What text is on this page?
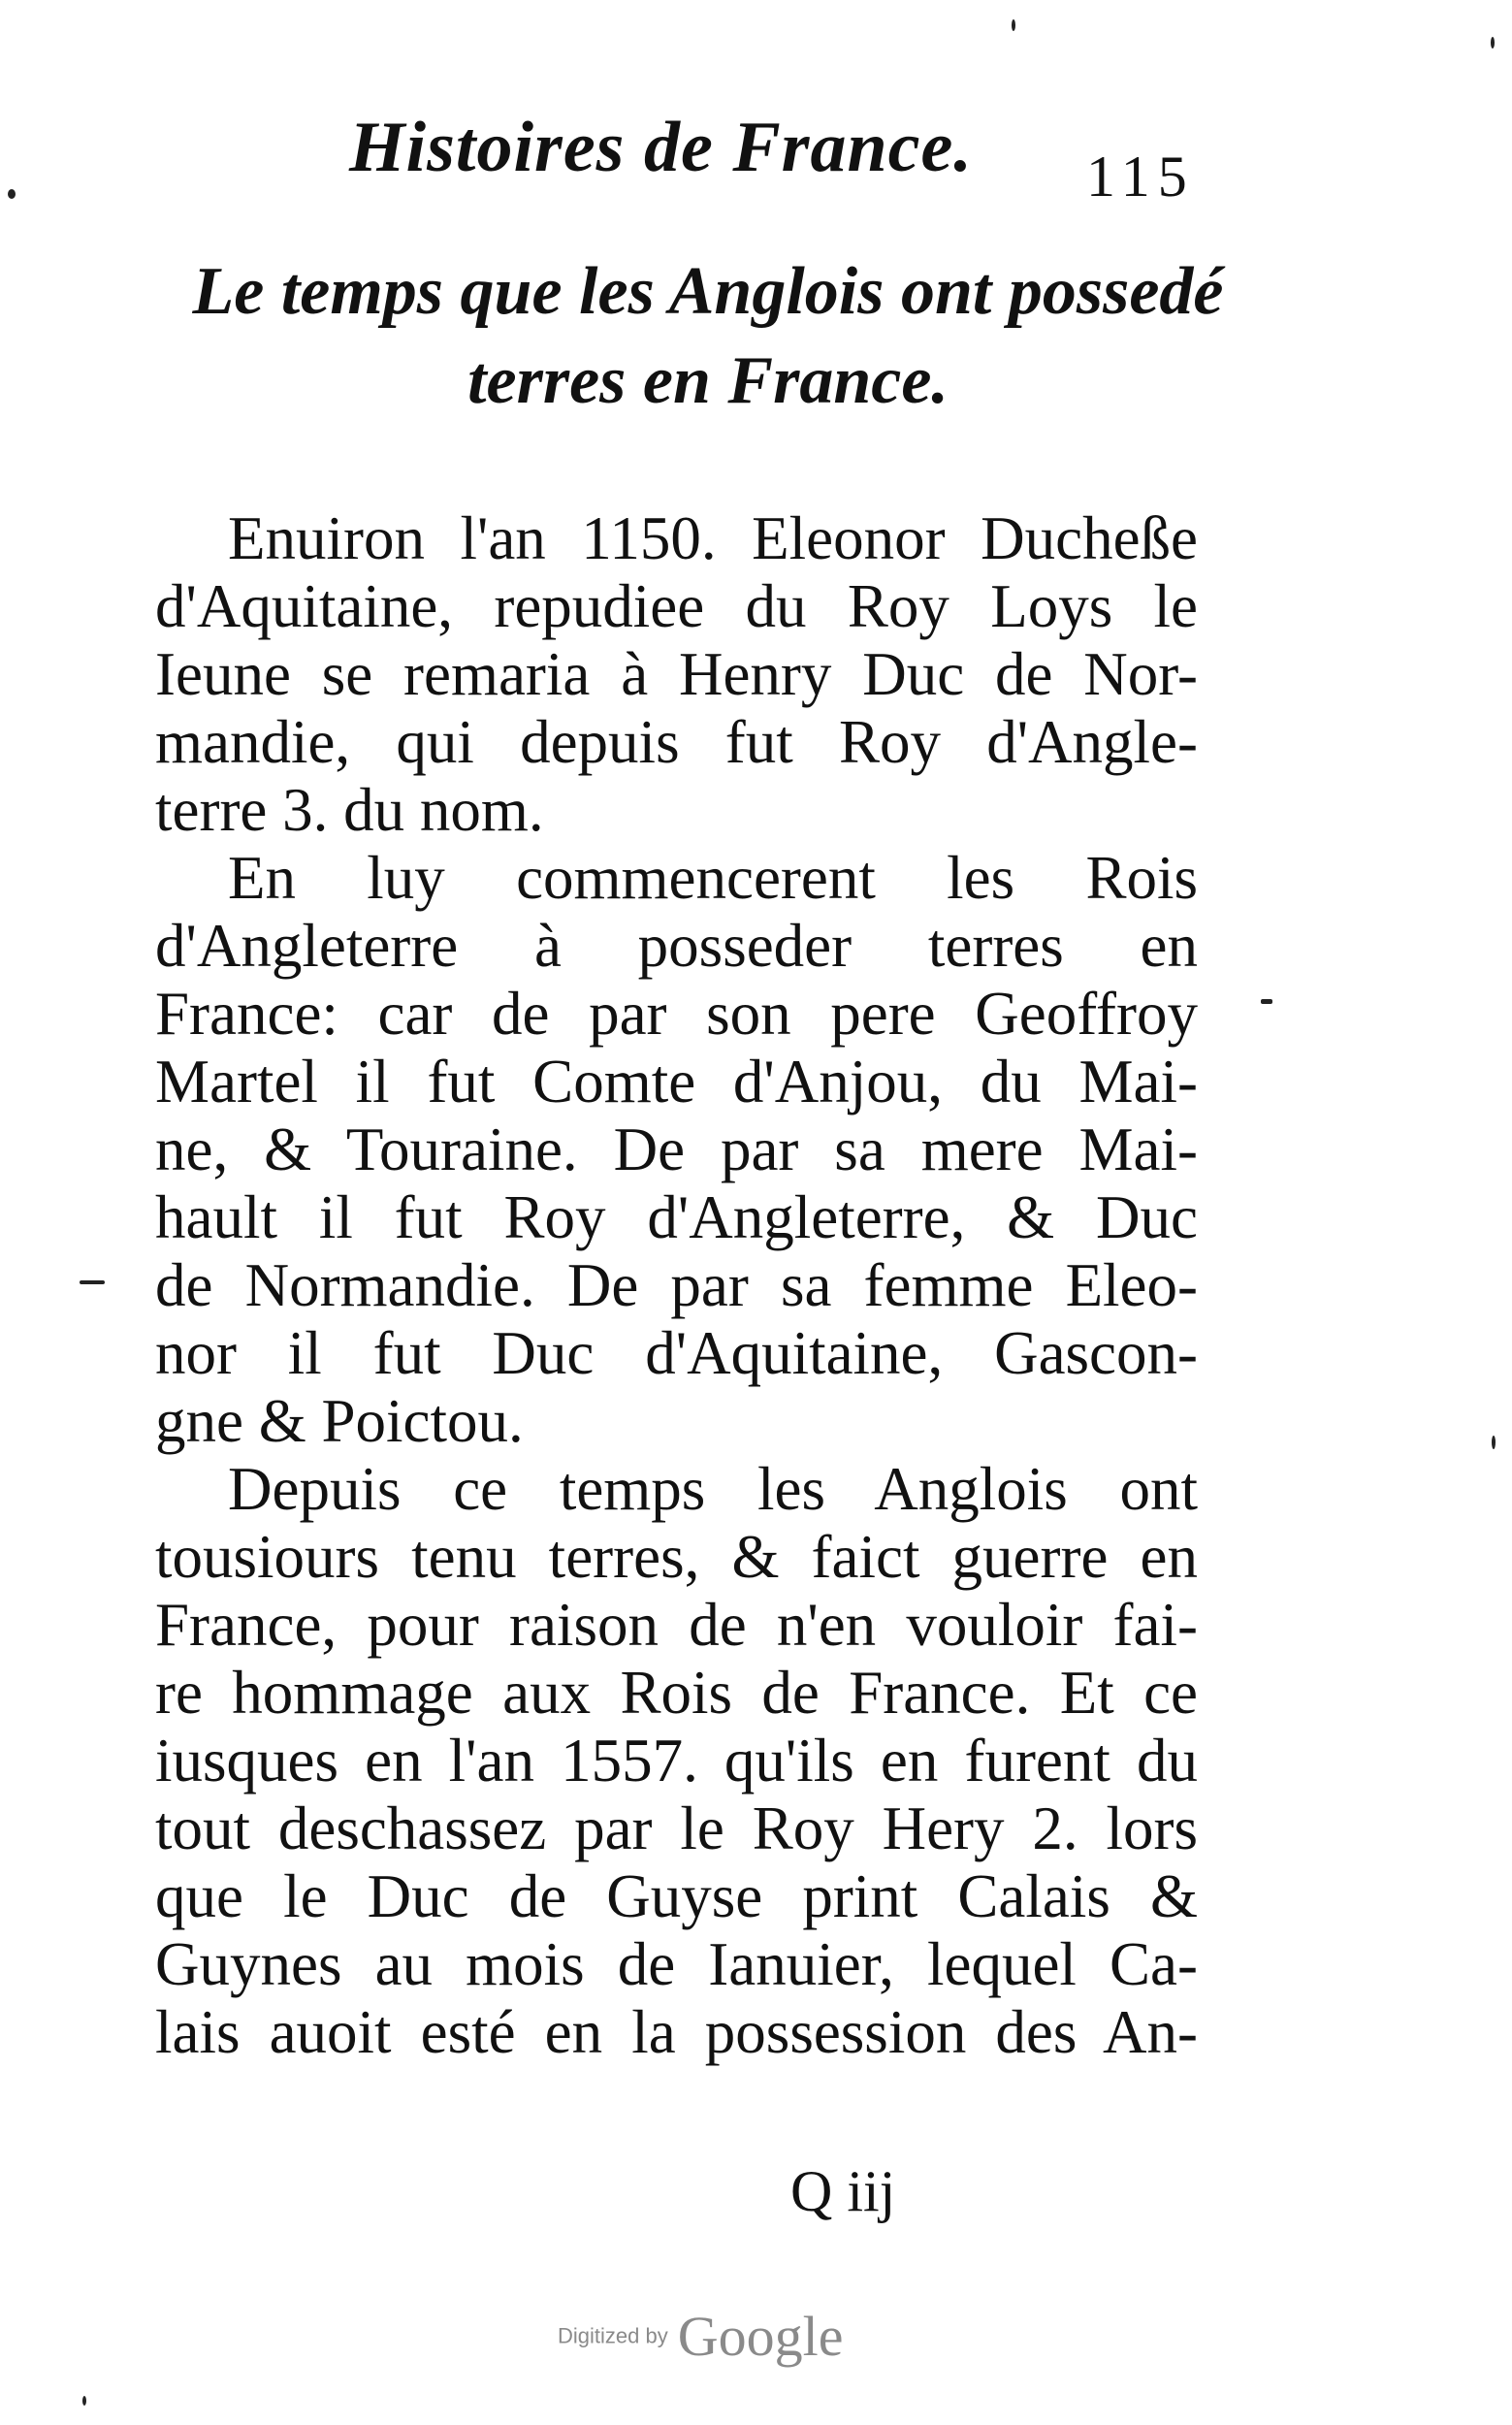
Histoires de France. 115
Le temps que les Anglois ont possedé
terres en France.
Enuiron l'an 1150. Eleonor Ducheße
d'Aquitaine, repudiee du Roy Loys le
Ieune se remaria à Henry Duc de Nor-
mandie, qui depuis fut Roy d'Angle-
terre 3. du nom.
En luy commencerent les Rois
d'Angleterre à posseder terres en
France: car de par son pere Geoffroy
Martel il fut Comte d'Anjou, du Mai-
ne, & Touraine. De par sa mere Mai-
hault il fut Roy d'Angleterre, & Duc
de Normandie. De par sa femme Eleo-
nor il fut Duc d'Aquitaine, Gascon-
gne & Poictou.
Depuis ce temps les Anglois ont
tousiours tenu terres, & faict guerre en
France, pour raison de n'en vouloir fai-
re hommage aux Rois de France. Et ce
iusques en l'an 1557. qu'ils en furent du
tout deschassez par le Roy Hery 2. lors
que le Duc de Guyse print Calais &
Guynes au mois de Ianuier, lequel Ca-
lais auoit esté en la possession des An-
Q iij
Digitized by Google
